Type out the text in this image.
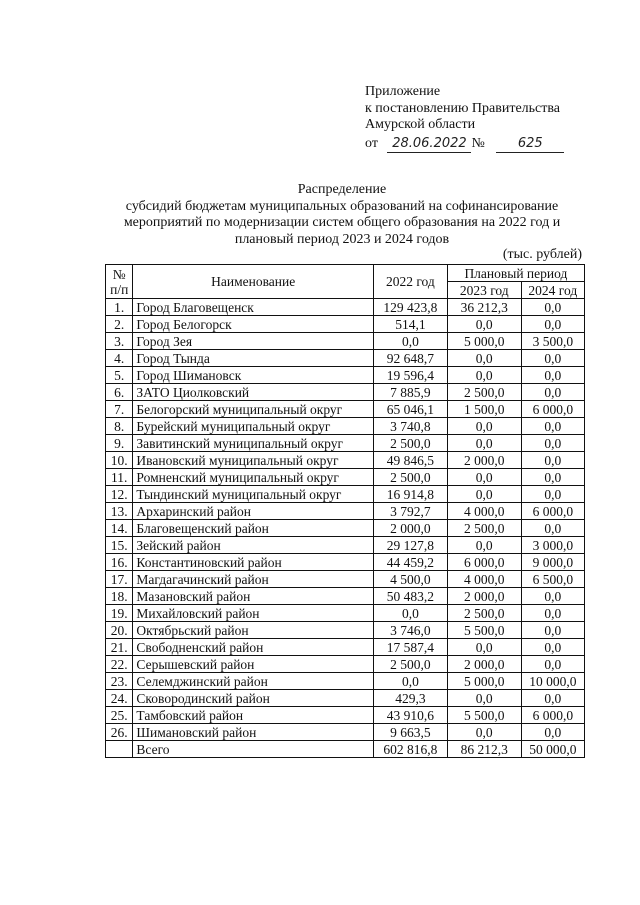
Приложение
к постановлению Правительства
Амурской области
от 28.06.2022 №	625
Распределение
субсидий бюджетам муниципальных образований на софинансирование
мероприятий по модернизации систем общего образования на 2022 год и
плановый период 2023 и 2024 годов
(тыс. рублей)
№
п/п	Наименование	2022 год	Плановый период	
			2023 год	2024 год
1.	Город Благовещенск	129 423,8	36 212,3	0,0
2.	Город Белогорск	514,1	0,0	0,0
3.	Город Зея	0,0	5 000,0	3 500,0
4.	Город Тында	92 648,7	0,0	0,0
5.	Город Шимановск	19 596,4	0,0	0,0
6.	ЗАТО Циолковский	7 885,9	2 500,0	0,0
7.	Белогорский муниципальный округ	65 046,1	1 500,0	6 000,0
8.	Бурейский муниципальный округ	3 740,8	0,0	0,0
9.	Завитинский муниципальный округ	2 500,0	0,0	0,0
10.	Ивановский муниципальный округ	49 846,5	2 000,0	0,0
11.	Ромненский муниципальный округ	2 500,0	0,0	0,0
12.	Тындинский муниципальный округ	16 914,8	0,0	0,0
13.	Архаринский район	3 792,7	4 000,0	6 000,0
14.	Благовещенский район	2 000,0	2 500,0	0,0
15.	Зейский район	29 127,8	0,0	3 000,0
16.	Константиновский район	44 459,2	6 000,0	9 000,0
17.	Магдагачинский район	4 500,0	4 000,0	6 500,0
18.	Мазановский район	50 483,2	2 000,0	0,0
19.	Михайловский район	0,0	2 500,0	0,0
20.	Октябрьский район	3 746,0	5 500,0	0,0
21.	Свободненский район	17 587,4	0,0	0,0
22.	Серышевский район	2 500,0	2 000,0	0,0
23.	Селемджинский район	0,0	5 000,0	10 000,0
24.	Сковородинский район	429,3	0,0	0,0
25.	Тамбовский район	43 910,6	5 500,0	6 000,0
26.	Шимановский район	9 663,5	0,0	0,0
	Всего	602 816,8	86 212,3	50 000,0
